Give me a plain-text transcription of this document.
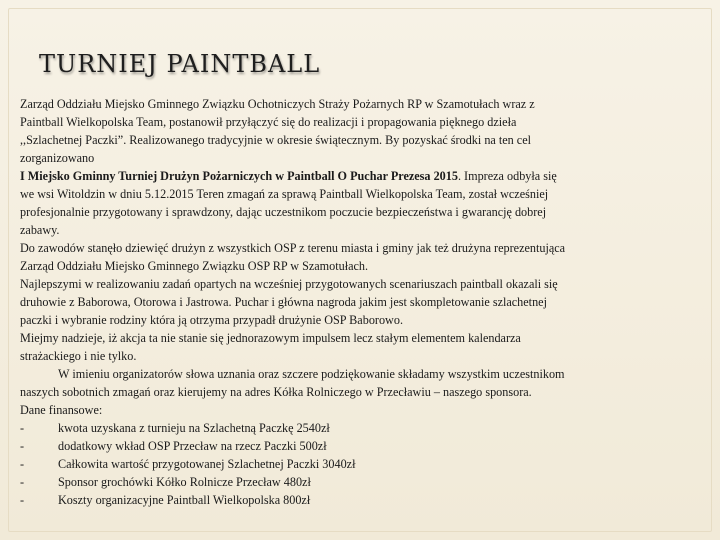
TURNIEJ PAINTBALL
Zarząd Oddziału Miejsko Gminnego Związku Ochotniczych Straży Pożarnych RP w Szamotułach wraz z
Paintball Wielkopolska Team, postanowił przyłączyć się do realizacji i propagowania pięknego dzieła
,,Szlachetnej Paczki”. Realizowanego tradycyjnie w okresie świątecznym. By pozyskać środki na ten cel
zorganizowano
I Miejsko Gminny Turniej Drużyn Pożarniczych w Paintball O Puchar Prezesa 2015. Impreza odbyła się
we wsi Witoldzin w dniu 5.12.2015 Teren zmagań za sprawą Paintball Wielkopolska Team, został wcześniej
profesjonalnie przygotowany i sprawdzony, dając uczestnikom poczucie bezpieczeństwa i gwarancję dobrej
zabawy.
Do zawodów stanęło dziewięć drużyn z wszystkich OSP z terenu miasta i gminy jak też drużyna reprezentująca
Zarząd Oddziału Miejsko Gminnego Związku OSP RP w Szamotułach.
Najlepszymi w realizowaniu zadań opartych na wcześniej przygotowanych scenariuszach paintball okazali się
druhowie z Baborowa, Otorowa i Jastrowa. Puchar i główna nagroda jakim jest skompletowanie szlachetnej
paczki i wybranie rodziny która ją otrzyma przypadł drużynie OSP Baborowo.
Miejmy nadzieje, iż akcja ta nie stanie się jednorazowym impulsem lecz stałym elementem kalendarza
strażackiego i nie tylko.
W imieniu organizatorów słowa uznania oraz szczere podziękowanie składamy wszystkim uczestnikom
naszych sobotnich zmagań oraz kierujemy na adres Kółka Rolniczego w Przecławiu – naszego sponsora.
Dane finansowe:
-	kwota uzyskana z turnieju na Szlachetną Paczkę 2540zł
-	dodatkowy wkład OSP Przecław na rzecz Paczki 500zł
-	Całkowita wartość przygotowanej Szlachetnej Paczki 3040zł
-	Sponsor grochówki Kółko Rolnicze Przecław 480zł
-	Koszty organizacyjne Paintball Wielkopolska 800zł
